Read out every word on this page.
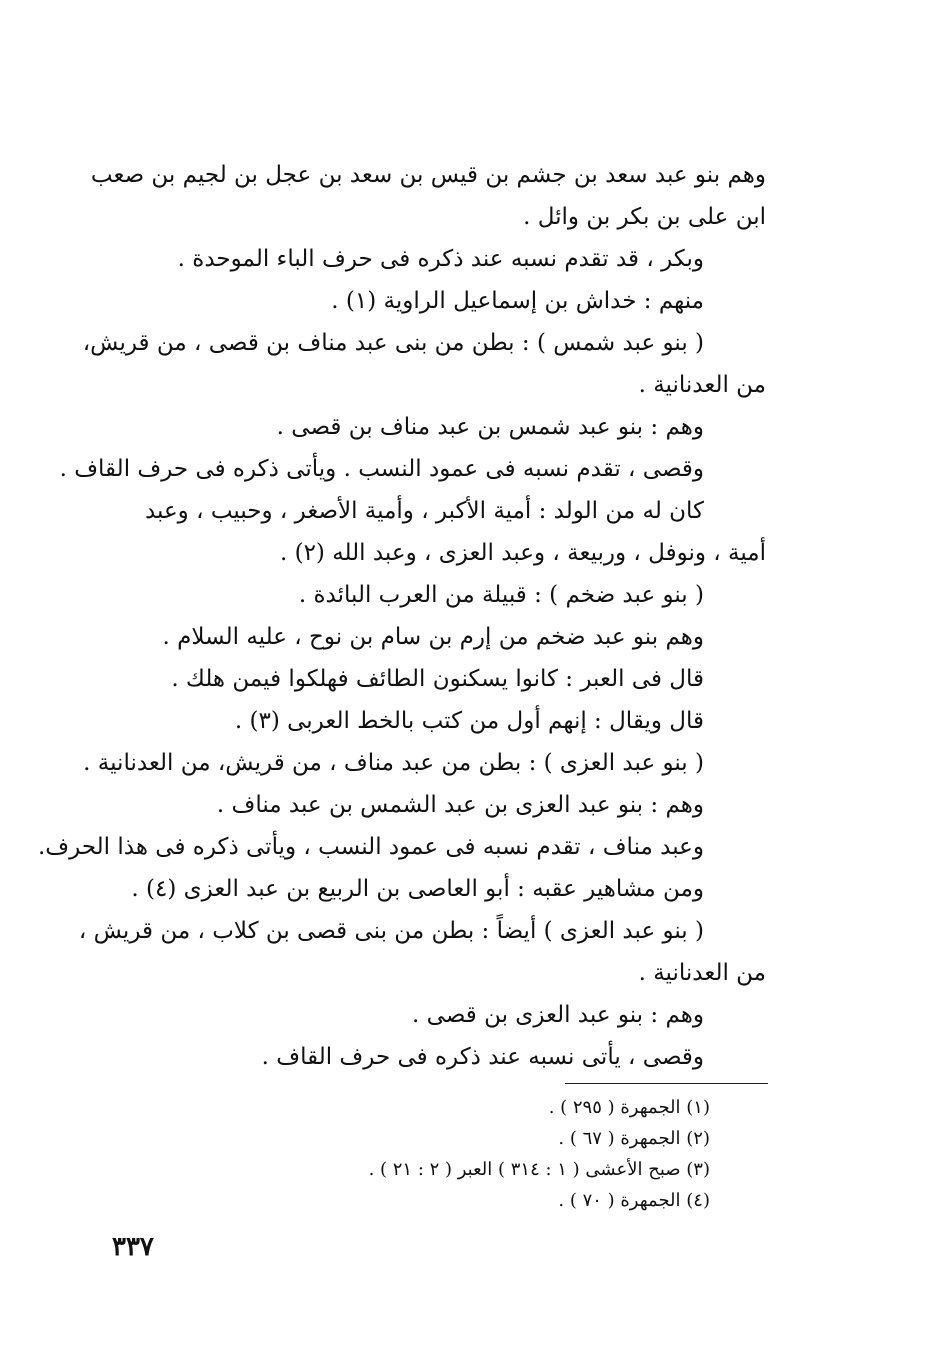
وهم بنو عبد سعد بن جشم بن قيس بن سعد بن عجل بن لجيم بن صعب
ابن على بن بكر بن وائل .
وبكر ، قد تقدم نسبه عند ذكره فى حرف الباء الموحدة .
منهم : خداش بن إسماعيل الراوية (١) .
( بنو عبد شمس ) : بطن من بنى عبد مناف بن قصى ، من قريش،
من العدنانية .
وهم : بنو عبد شمس بن عبد مناف بن قصى .
وقصى ، تقدم نسبه فى عمود النسب . ويأتى ذكره فى حرف القاف .
كان له من الولد : أمية الأكبر ، وأمية الأصغر ، وحبيب ، وعبد
أمية ، ونوفل ، وربيعة ، وعبد العزى ، وعبد الله (٢) .
( بنو عبد ضخم ) : قبيلة من العرب البائدة .
وهم بنو عبد ضخم من إرم بن سام بن نوح ، عليه السلام .
قال فى العبر : كانوا يسكنون الطائف فهلكوا فيمن هلك .
قال ويقال : إنهم أول من كتب بالخط العربى (٣) .
( بنو عبد العزى ) : بطن من عبد مناف ، من قريش، من العدنانية .
وهم : بنو عبد العزى بن عبد الشمس بن عبد مناف .
وعبد مناف ، تقدم نسبه فى عمود النسب ، ويأتى ذكره فى هذا الحرف.
ومن مشاهير عقبه : أبو العاصى بن الربيع بن عبد العزى (٤) .
( بنو عبد العزى ) أيضاً : بطن من بنى قصى بن كلاب ، من قريش ،
من العدنانية .
وهم : بنو عبد العزى بن قصى .
وقصى ، يأتى نسبه عند ذكره فى حرف القاف .
(١) الجمهرة ( ٢٩٥ ) .
(٢) الجمهرة ( ٦٧ ) .
(٣) صبح الأعشى ( ١ : ٣١٤ ) العبر ( ٢ : ٢١ ) .
(٤) الجمهرة ( ٧٠ ) .
٣٣٧
